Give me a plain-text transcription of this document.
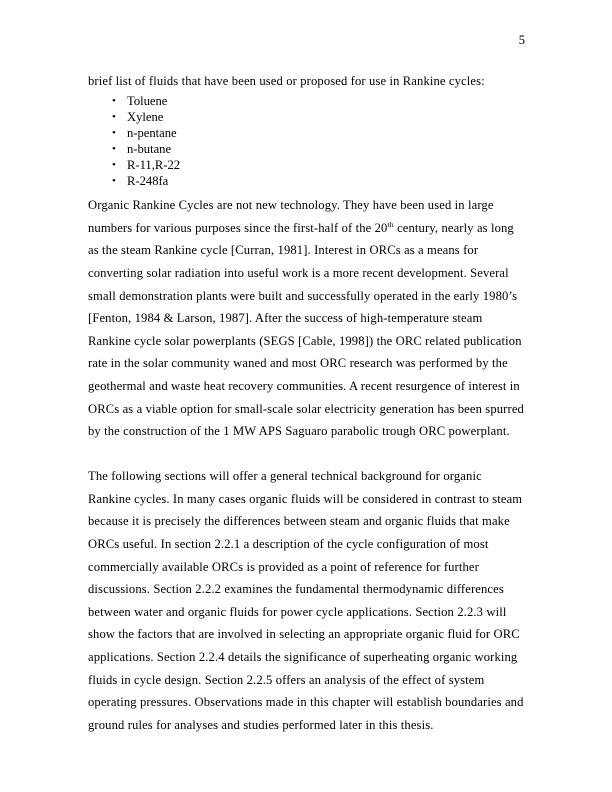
5

brief list of fluids that have been used or proposed for use in Rankine cycles:

• Toluene
• Xylene
• n-pentane
• n-butane
• R-11,R-22
• R-248fa

Organic Rankine Cycles are not new technology. They have been used in large numbers for various purposes since the first-half of the 20th century, nearly as long as the steam Rankine cycle [Curran, 1981]. Interest in ORCs as a means for converting solar radiation into useful work is a more recent development. Several small demonstration plants were built and successfully operated in the early 1980’s [Fenton, 1984 & Larson, 1987]. After the success of high-temperature steam Rankine cycle solar powerplants (SEGS [Cable, 1998]) the ORC related publication rate in the solar community waned and most ORC research was performed by the geothermal and waste heat recovery communities. A recent resurgence of interest in ORCs as a viable option for small-scale solar electricity generation has been spurred by the construction of the 1 MW APS Saguaro parabolic trough ORC powerplant.

The following sections will offer a general technical background for organic Rankine cycles. In many cases organic fluids will be considered in contrast to steam because it is precisely the differences between steam and organic fluids that make ORCs useful. In section 2.2.1 a description of the cycle configuration of most commercially available ORCs is provided as a point of reference for further discussions. Section 2.2.2 examines the fundamental thermodynamic differences between water and organic fluids for power cycle applications. Section 2.2.3 will show the factors that are involved in selecting an appropriate organic fluid for ORC applications. Section 2.2.4 details the significance of superheating organic working fluids in cycle design. Section 2.2.5 offers an analysis of the effect of system operating pressures. Observations made in this chapter will establish boundaries and ground rules for analyses and studies performed later in this thesis.
